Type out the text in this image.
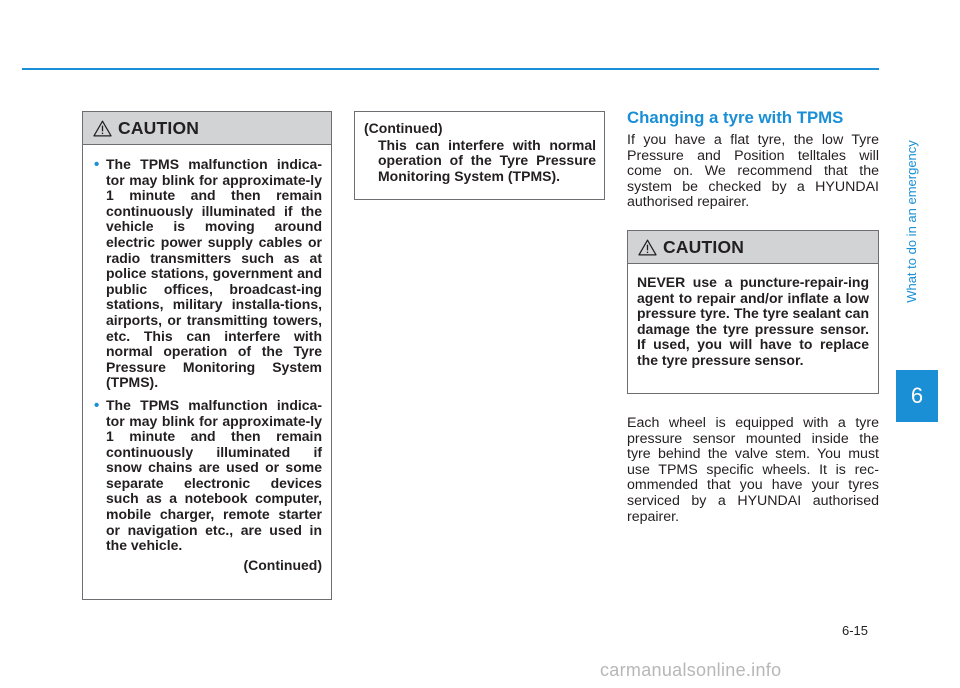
CAUTION
• The TPMS malfunction indica-tor may blink for approximate-ly 1 minute and then remain continuously illuminated if the vehicle is moving around electric power supply cables or radio transmitters such as at police stations, government and public offices, broadcast-ing stations, military installa-tions, airports, or transmitting towers, etc. This can interfere with normal operation of the Tyre Pressure Monitoring System (TPMS).
• The TPMS malfunction indica-tor may blink for approximate-ly 1 minute and then remain continuously illuminated if snow chains are used or some separate electronic devices such as a notebook computer, mobile charger, remote starter or navigation etc., are used in the vehicle.
(Continued)
(Continued)
This can interfere with normal operation of the Tyre Pressure Monitoring System (TPMS).
Changing a tyre with TPMS
If you have a flat tyre, the low Tyre Pressure and Position telltales will come on. We recommend that the system be checked by a HYUNDAI authorised repairer.
CAUTION
NEVER use a puncture-repair-ing agent to repair and/or inflate a low pressure tyre. The tyre sealant can damage the tyre pressure sensor. If used, you will have to replace the tyre pressure sensor.
Each wheel is equipped with a tyre pressure sensor mounted inside the tyre behind the valve stem. You must use TPMS specific wheels. It is rec-ommended that you have your tyres serviced by a HYUNDAI authorised repairer.
What to do in an emergency
6
6-15
carmanualsonline.info
